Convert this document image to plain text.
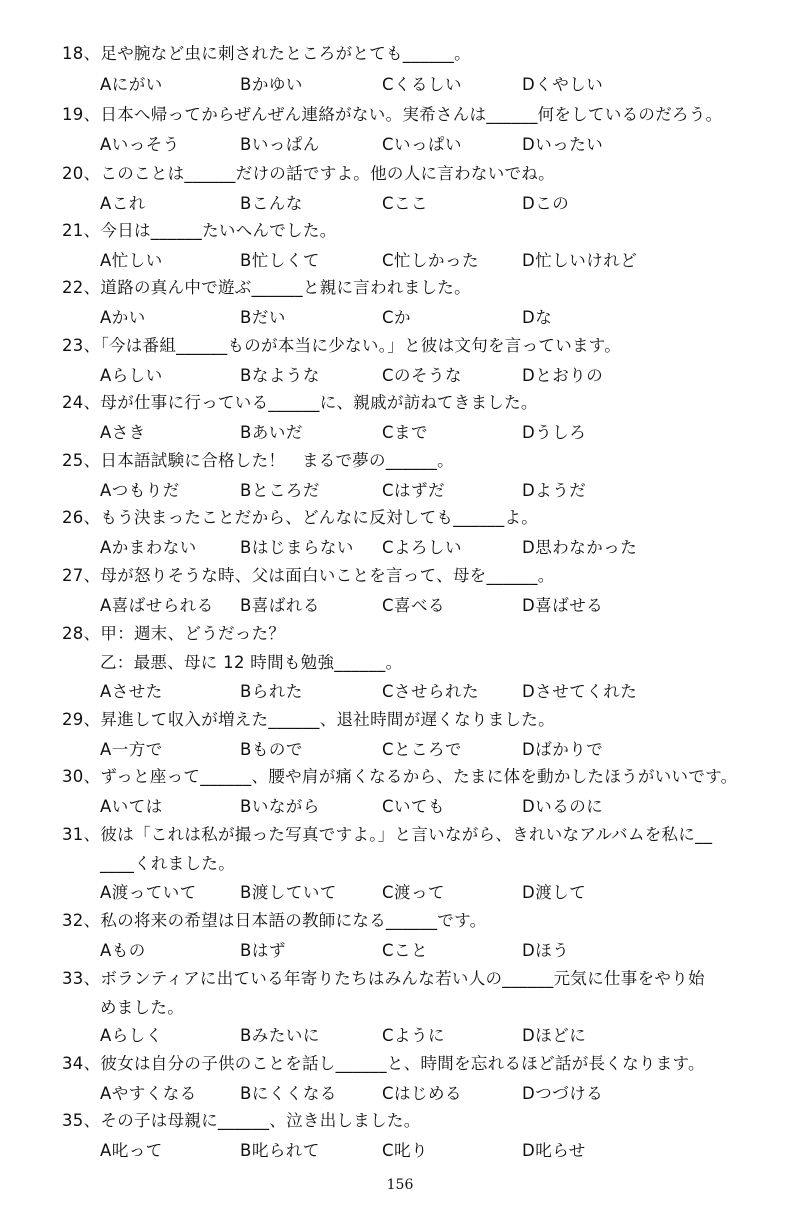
18、足や腕など虫に刺されたところがとても______。
Aにがい	Bかゆい	Cくるしい	Dくやしい
19、日本へ帰ってからぜんぜん連絡がない。実希さんは______何をしているのだろう。
Aいっそう	Bいっぱん	Cいっぱい	Dいったい
20、このことは______だけの話ですよ。他の人に言わないでね。
Aこれ	Bこんな	Cここ	Dこの
21、今日は______たいへんでした。
A忙しい	B忙しくて	C忙しかった	D忙しいけれど
22、道路の真ん中で遊ぶ______と親に言われました。
Aかい	Bだい	Cか	Dな
23、「今は番組______ものが本当に少ない。」と彼は文句を言っています。
Aらしい	Bなような	Cのそうな	Dとおりの
24、母が仕事に行っている______に、親戚が訪ねてきました。
Aさき	Bあいだ	Cまで	Dうしろ
25、日本語試験に合格した！　まるで夢の______。
Aつもりだ	Bところだ	Cはずだ	Dようだ
26、もう決まったことだから、どんなに反対しても______よ。
Aかまわない	Bはじまらない Cよろしい	D思わなかった
27、母が怒りそうな時、父は面白いことを言って、母を______。
A喜ばせられる B喜ばれる	C喜べる	D喜ばせる
28、甲：週末、どうだった？
乙：最悪、母に 12 時間も勉強______。
Aさせた	Bられた	Cさせられた	Dさせてくれた
29、昇進して収入が増えた______、退社時間が遅くなりました。
A一方で	Bもので	Cところで	Dばかりで
30、ずっと座って______、腰や肩が痛くなるから、たまに体を動かしたほうがいいです。
Aいては	Bいながら	Cいても	Dいるのに
31、彼は「これは私が撮った写真ですよ。」と言いながら、きれいなアルバムを私に__
____くれました。
A渡っていて	B渡していて	C渡って	D渡して
32、私の将来の希望は日本語の教師になる______です。
Aもの	Bはず	Cこと	Dほう
33、ボランティアに出ている年寄りたちはみんな若い人の______元気に仕事をやり始
めました。
Aらしく	Bみたいに	Cように	Dほどに
34、彼女は自分の子供のことを話し______と、時間を忘れるほど話が長くなります。
Aやすくなる	Bにくくなる	Cはじめる	Dつづける
35、その子は母親に______、泣き出しました。
A叱って	B叱られて	C叱り	D叱らせ
156
